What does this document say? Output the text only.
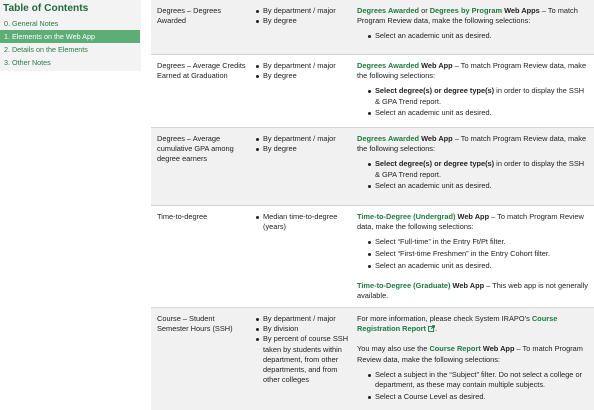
Table of Contents
0. General Notes
1. Elements on the Web App
2. Details on the Elements
3. Other Notes
Degrees – Degrees Awarded
By department / major
By degree
Degrees Awarded or Degrees by Program Web Apps – To match Program Review data, make the following selections:
Select an academic unit as desired.
Degrees – Average Credits Earned at Graduation
By department / major
By degree
Degrees Awarded Web App – To match Program Review data, make the following selections:
Select degree(s) or degree type(s) in order to display the SSH & GPA Trend report.
Select an academic unit as desired.
Degrees – Average cumulative GPA among degree earners
By department / major
By degree
Degrees Awarded Web App – To match Program Review data, make the following selections:
Select degree(s) or degree type(s) in order to display the SSH & GPA Trend report.
Select an academic unit as desired.
Time-to-degree	Median time-to-degree (years)
Time-to-Degree (Undergrad) Web App – To match Program Review data, make the following selections:
Select “Full-time” in the Entry Ft/Pt filter.
Select “First-time Freshmen” in the Entry Cohort filter.
Select an academic unit as desired.
Time-to-Degree (Graduate) Web App – This web app is not generally available.
Course – Student Semester Hours (SSH)
By department / major
By division
By percent of course SSH taken by students within department, from other departments, and from other colleges
For more information, please check System IRAPO’s Course Registration Report .
You may also use the Course Report Web App – To match Program Review data, make the following selections:
Select a subject in the “Subject” filter. Do not select a college or department, as these may contain multiple subjects.
Select a Course Level as desired.
